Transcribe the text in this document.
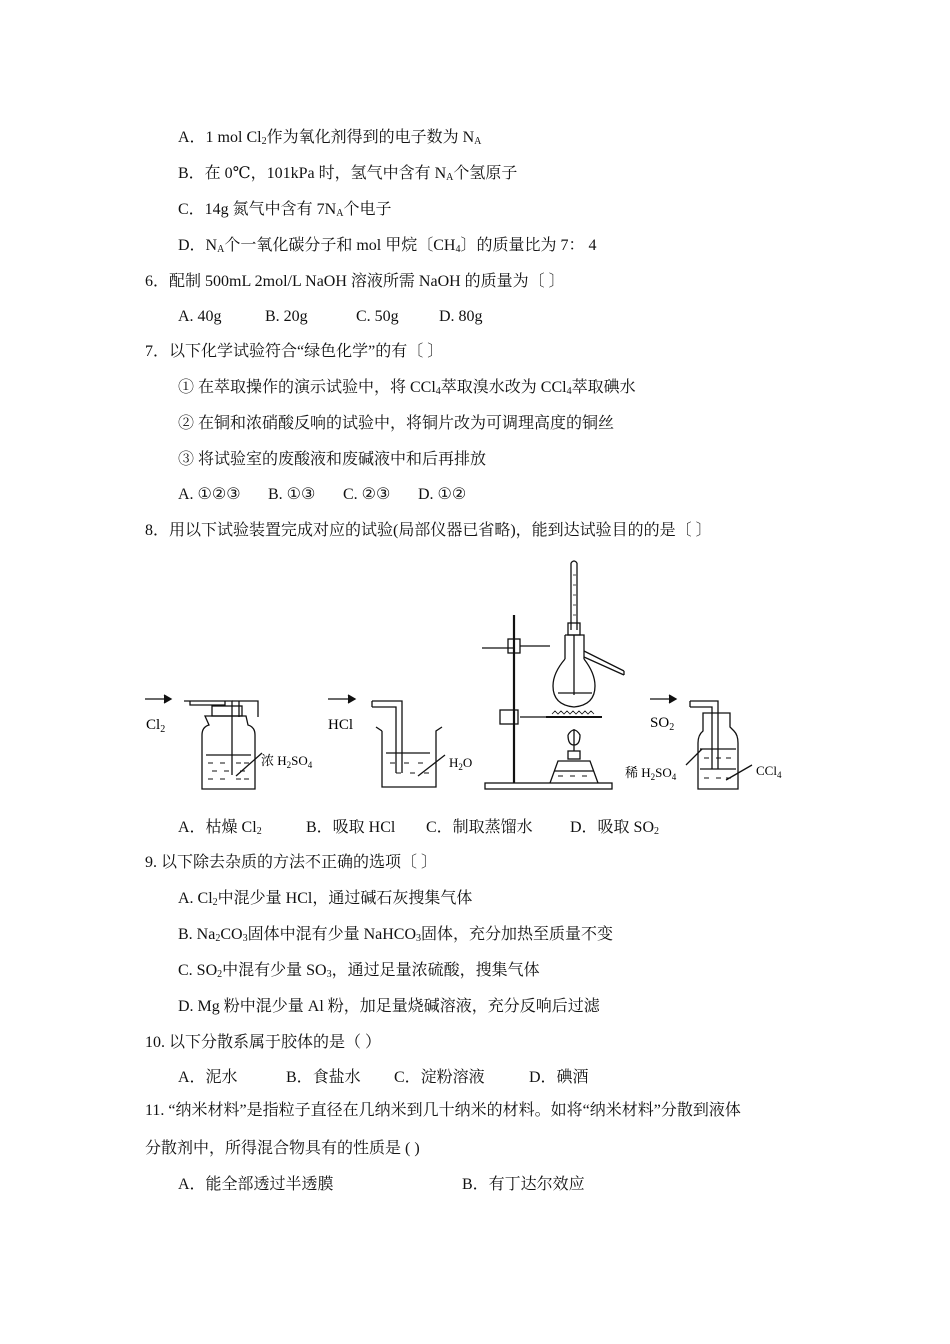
A．1 mol $Cl_2$作为氧化剂得到的电子数为 $N_A$
B．在 0℃，101kPa 时，氢气中含有 $N_A$个氢原子
C．14g 氮气中含有 $7N_A$个电子
D．$N_A$个一氧化碳分子和 mol 甲烷〔$CH_4$〕的质量比为 7： 4
6．配制 500mL 2mol/L NaOH 溶液所需 NaOH 的质量为〔 〕
A. 40g	B. 20g	C. 50g	D. 80g
7．以下化学试验符合“绿色化学”的有〔 〕
① 在萃取操作的演示试验中，将 CCl$_4$萃取溴水改为 CCl$_4$萃取碘水
② 在铜和浓硝酸反响的试验中，将铜片改为可调理高度的铜丝
③ 将试验室的废酸液和废碱液中和后再排放
A. ①②③ B. ①③ C. ②③ D. ①②
8．用以下试验装置完成对应的试验(局部仪器已省略)，能到达试验目的的是〔 〕
$Cl_2$
浓 $H_2SO_4$
HCl
$H_2O$
$SO_2$
稀 $H_2SO_4$	CCl$_4$
A．枯燥 $Cl_2$	B．吸取 HCl C．制取蒸馏水 D．吸取 $SO_2$
9. 以下除去杂质的方法不正确的选项〔 〕
A. $Cl_2$中混少量 HCl，通过碱石灰搜集气体
B. $Na_2CO_3$固体中混有少量 NaHCO$_3$固体，充分加热至质量不变
C. $SO_2$中混有少量 $SO_3$，通过足量浓硫酸，搜集气体
D. Mg 粉中混少量 Al 粉，加足量烧碱溶液，充分反响后过滤
10. 以下分散系属于胶体的是（ ）
A．泥水	B．食盐水 C．淀粉溶液	D．碘酒
11. “纳米材料”是指粒子直径在几纳米到几十纳米的材料。如将“纳米材料”分散到液体
分散剂中，所得混合物具有的性质是 ( )
A．能全部透过半透膜	B．有丁达尔效应
